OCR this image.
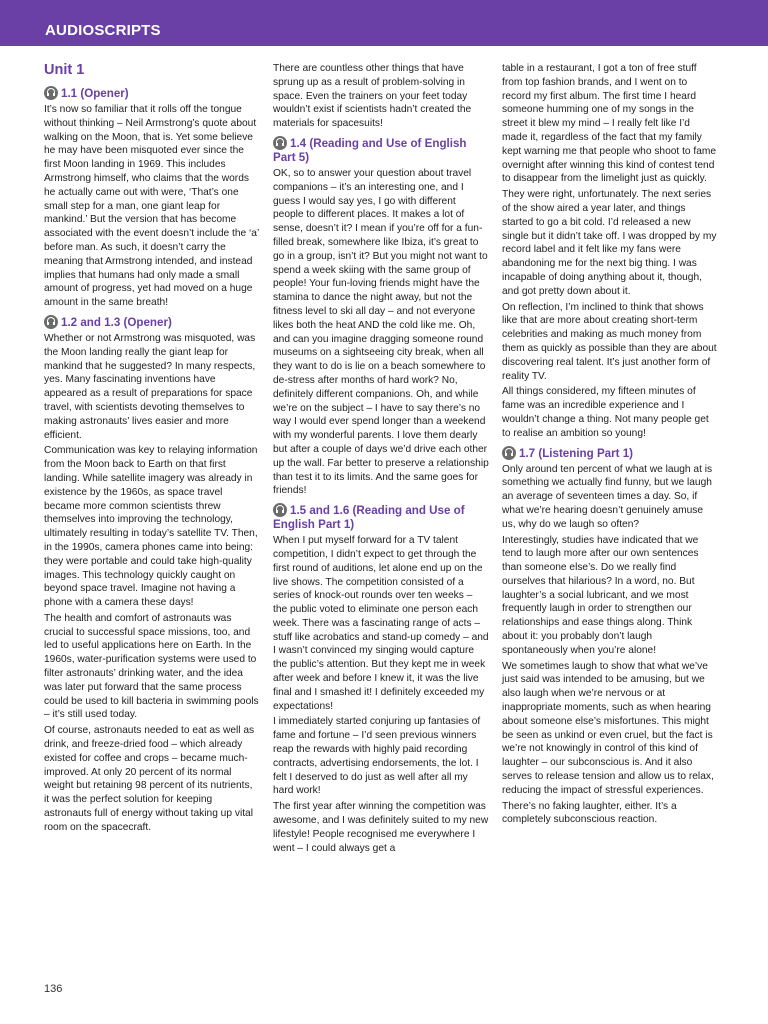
AUDIOSCRIPTS
Unit 1
1.1 (Opener)

It’s now so familiar that it rolls off the tongue without thinking – Neil Armstrong’s quote about walking on the Moon, that is. Yet some believe he may have been misquoted ever since the first Moon landing in 1969. This includes Armstrong himself, who claims that the words he actually came out with were, ‘That’s one small step for a man, one giant leap for mankind.’ But the version that has become associated with the event doesn’t include the ‘a’ before man. As such, it doesn’t carry the meaning that Armstrong intended, and instead implies that humans had only made a small amount of progress, yet had moved on a huge amount in the same breath!

1.2 and 1.3 (Opener)

Whether or not Armstrong was misquoted, was the Moon landing really the giant leap for mankind that he suggested? In many respects, yes. Many fascinating inventions have appeared as a result of preparations for space travel, with scientists devoting themselves to making astronauts’ lives easier and more efficient.

Communication was key to relaying information from the Moon back to Earth on that first landing. While satellite imagery was already in existence by the 1960s, as space travel became more common scientists threw themselves into improving the technology, ultimately resulting in today’s satellite TV. Then, in the 1990s, camera phones came into being: they were portable and could take high-quality images. This technology quickly caught on beyond space travel. Imagine not having a phone with a camera these days!

The health and comfort of astronauts was crucial to successful space missions, too, and led to useful applications here on Earth. In the 1960s, water-purification systems were used to filter astronauts’ drinking water, and the idea was later put forward that the same process could be used to kill bacteria in swimming pools – it’s still used today.

Of course, astronauts needed to eat as well as drink, and freeze-dried food – which already existed for coffee and crops – became much-improved. At only 20 percent of its normal weight but retaining 98 percent of its nutrients, it was the perfect solution for keeping astronauts full of energy without taking up vital room on the spacecraft.

There are countless other things that have sprung up as a result of problem-solving in space. Even the trainers on your feet today wouldn’t exist if scientists hadn’t created the materials for spacesuits!

1.4 (Reading and Use of English Part 5)

OK, so to answer your question about travel companions – it’s an interesting one, and I guess I would say yes, I go with different people to different places. It makes a lot of sense, doesn’t it? I mean if you’re off for a fun-filled break, somewhere like Ibiza, it’s great to go in a group, isn’t it? But you might not want to spend a week skiing with the same group of people! Your fun-loving friends might have the stamina to dance the night away, but not the fitness level to ski all day – and not everyone likes both the heat AND the cold like me. Oh, and can you imagine dragging someone round museums on a sightseeing city break, when all they want to do is lie on a beach somewhere to de-stress after months of hard work? No, definitely different companions. Oh, and while we’re on the subject – I have to say there’s no way I would ever spend longer than a weekend with my wonderful parents. I love them dearly but after a couple of days we’d drive each other up the wall. Far better to preserve a relationship than test it to its limits. And the same goes for friends!

1.5 and 1.6 (Reading and Use of English Part 1)

When I put myself forward for a TV talent competition, I didn’t expect to get through the first round of auditions, let alone end up on the live shows. The competition consisted of a series of knock-out rounds over ten weeks – the public voted to eliminate one person each week. There was a fascinating range of acts – stuff like acrobatics and stand-up comedy – and I wasn’t convinced my singing would capture the public’s attention. But they kept me in week after week and before I knew it, it was the live final and I smashed it! I definitely exceeded my expectations!

I immediately started conjuring up fantasies of fame and fortune – I’d seen previous winners reap the rewards with highly paid recording contracts, advertising endorsements, the lot. I felt I deserved to do just as well after all my hard work!

The first year after winning the competition was awesome, and I was definitely suited to my new lifestyle! People recognised me everywhere I went – I could always get a

table in a restaurant, I got a ton of free stuff from top fashion brands, and I went on to record my first album. The first time I heard someone humming one of my songs in the street it blew my mind – I really felt like I’d made it, regardless of the fact that my family kept warning me that people who shoot to fame overnight after winning this kind of contest tend to disappear from the limelight just as quickly.

They were right, unfortunately. The next series of the show aired a year later, and things started to go a bit cold. I’d released a new single but it didn’t take off. I was dropped by my record label and it felt like my fans were abandoning me for the next big thing. I was incapable of doing anything about it, though, and got pretty down about it.

On reflection, I’m inclined to think that shows like that are more about creating short-term celebrities and making as much money from them as quickly as possible than they are about discovering real talent. It’s just another form of reality TV.

All things considered, my fifteen minutes of fame was an incredible experience and I wouldn’t change a thing. Not many people get to realise an ambition so young!

1.7 (Listening Part 1)

Only around ten percent of what we laugh at is something we actually find funny, but we laugh an average of seventeen times a day. So, if what we’re hearing doesn’t genuinely amuse us, why do we laugh so often?

Interestingly, studies have indicated that we tend to laugh more after our own sentences than someone else’s. Do we really find ourselves that hilarious? In a word, no. But laughter’s a social lubricant, and we most frequently laugh in order to strengthen our relationships and ease things along. Think about it: you probably don’t laugh spontaneously when you’re alone!

We sometimes laugh to show that what we’ve just said was intended to be amusing, but we also laugh when we’re nervous or at inappropriate moments, such as when hearing about someone else’s misfortunes. This might be seen as unkind or even cruel, but the fact is we’re not knowingly in control of this kind of laughter – our subconscious is. And it also serves to release tension and allow us to relax, reducing the impact of stressful experiences.

There’s no faking laughter, either. It’s a completely subconscious reaction.

136
